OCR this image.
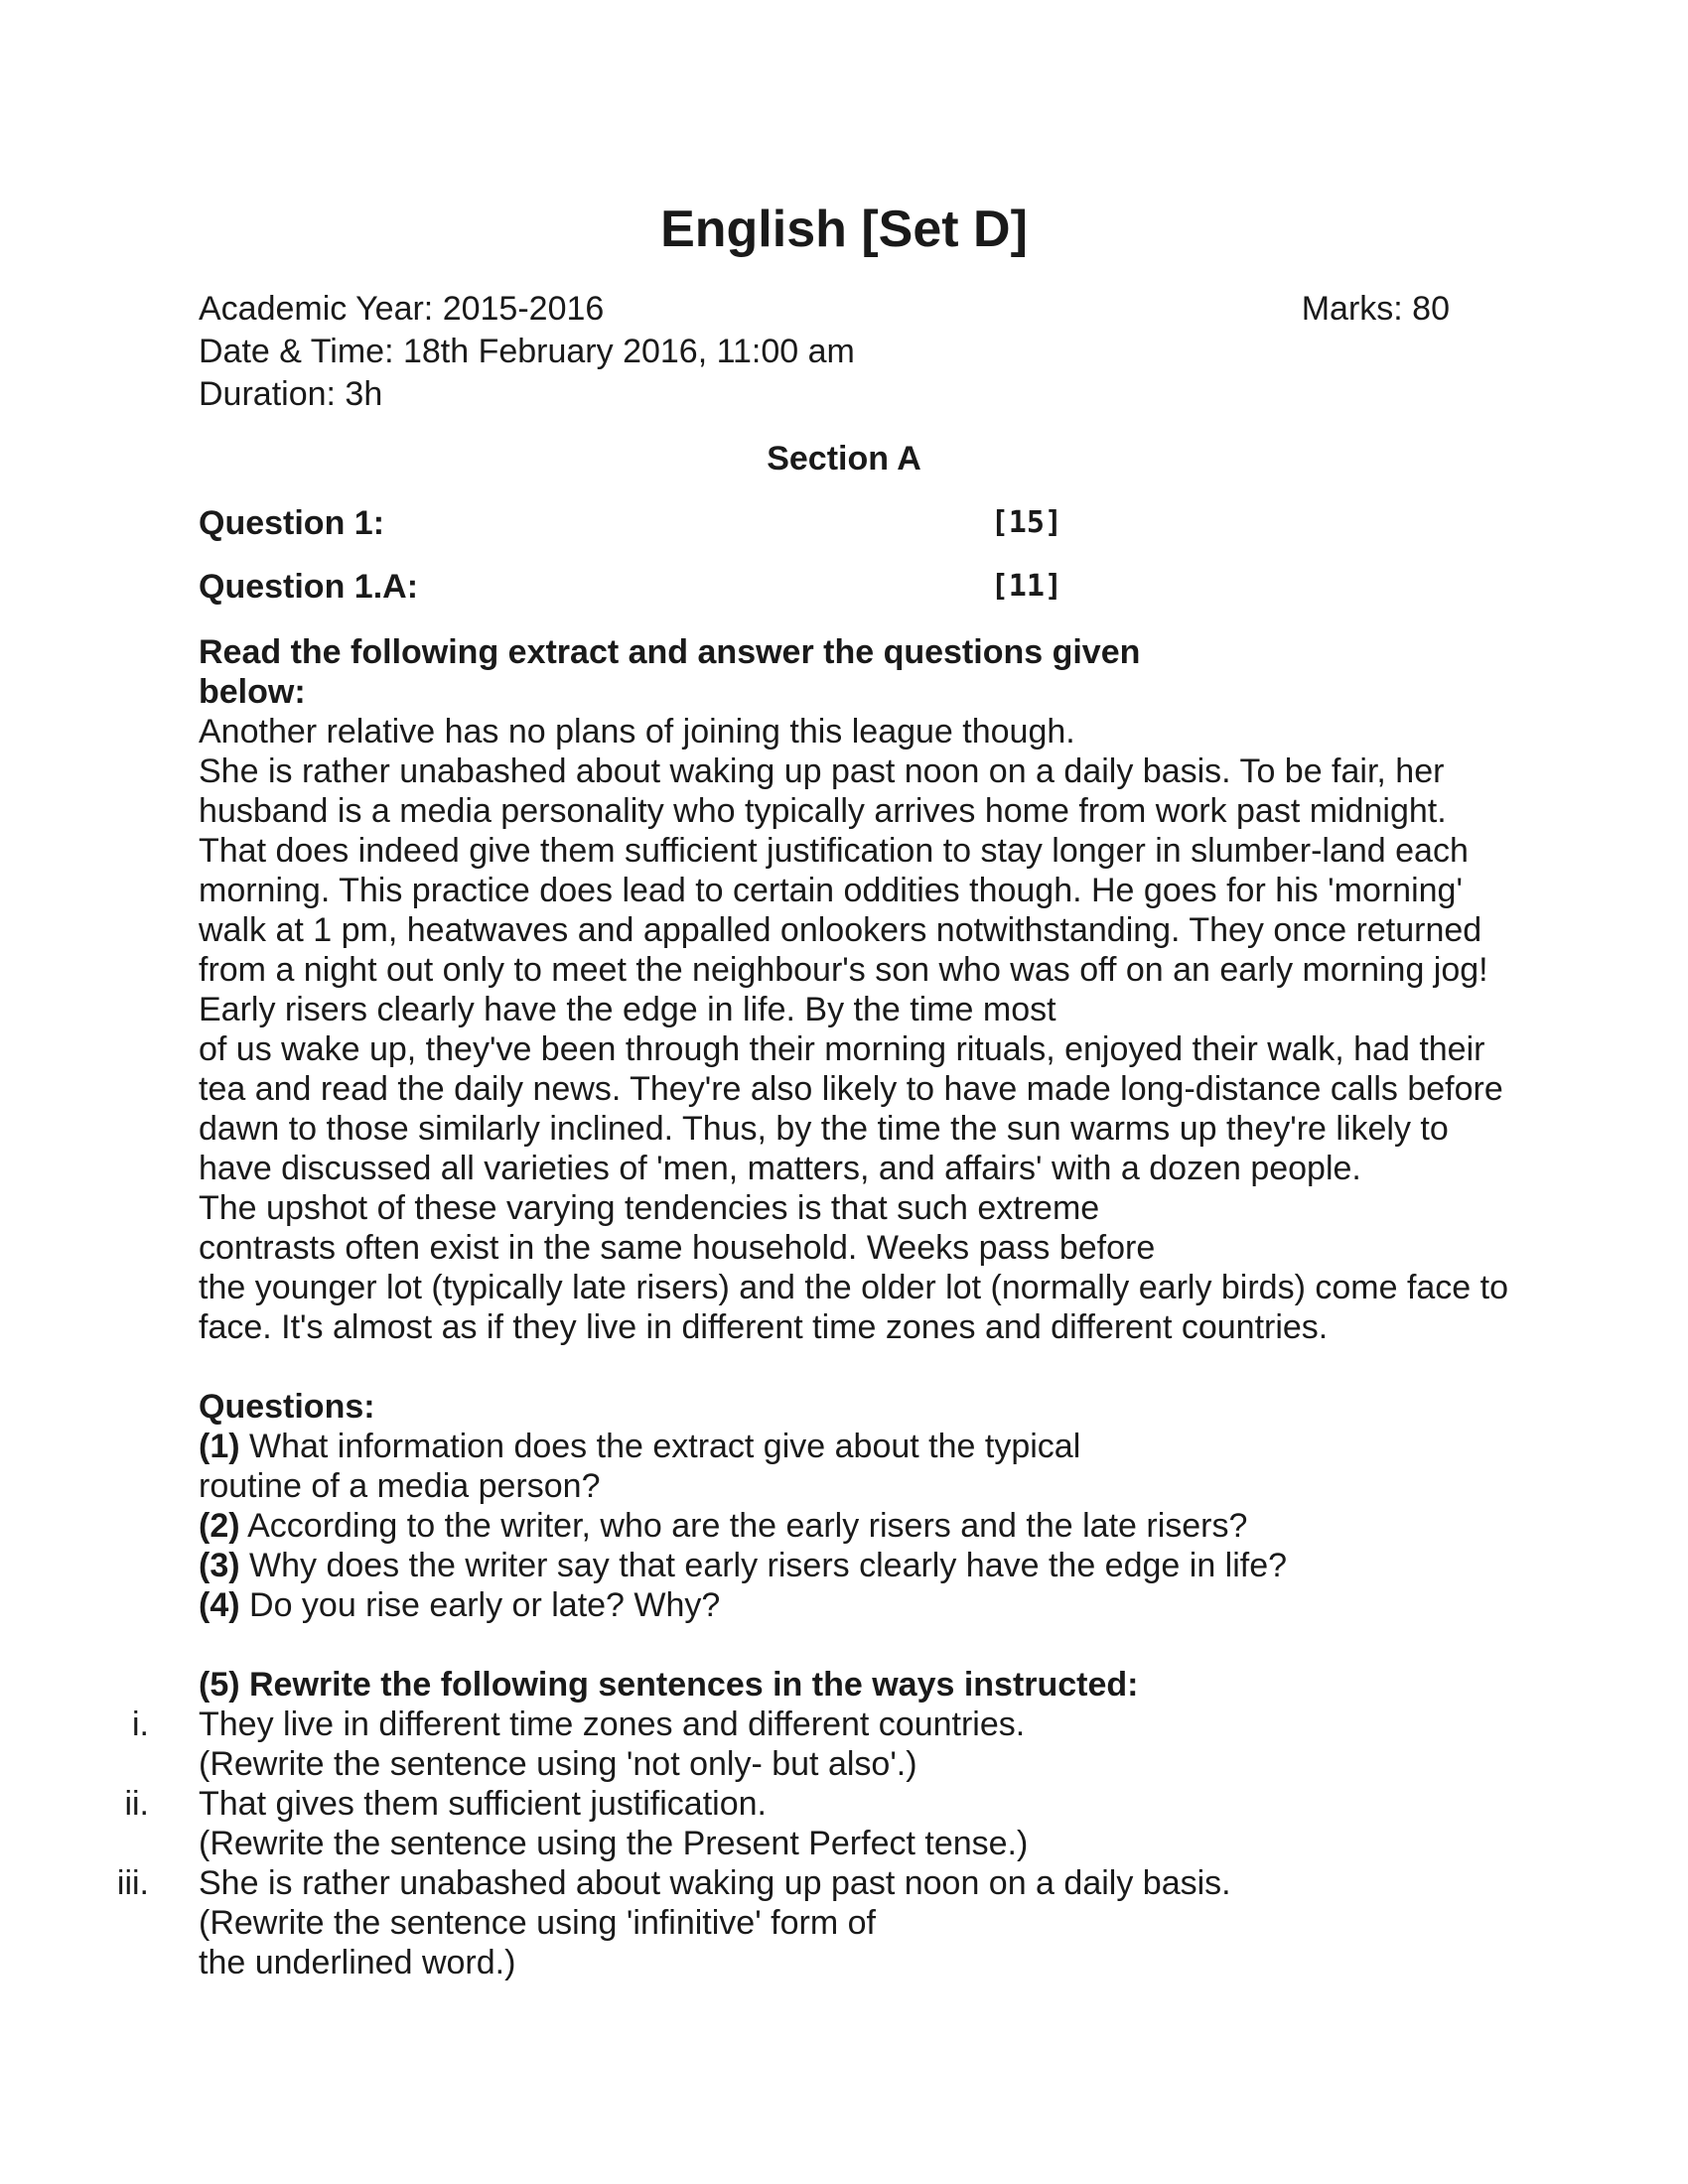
English [Set D]
Academic Year: 2015-2016	Marks: 80
Date & Time: 18th February 2016, 11:00 am
Duration: 3h
Section A
Question 1:	[15]
Question 1.A:	[11]
Read the following extract and answer the questions given
below:
Another relative has no plans of joining this league though.
She is rather unabashed about waking up past noon on a daily basis. To be fair, her
husband is a media personality who typically arrives home from work past midnight.
That does indeed give them sufficient justification to stay longer in slumber-land each
morning. This practice does lead to certain oddities though. He goes for his 'morning'
walk at 1 pm, heatwaves and appalled onlookers notwithstanding. They once returned
from a night out only to meet the neighbour's son who was off on an early morning jog!
Early risers clearly have the edge in life. By the time most
of us wake up, they've been through their morning rituals, enjoyed their walk, had their
tea and read the daily news. They're also likely to have made long-distance calls before
dawn to those similarly inclined. Thus, by the time the sun warms up they're likely to
have discussed all varieties of 'men, matters, and affairs' with a dozen people.
The upshot of these varying tendencies is that such extreme
contrasts often exist in the same household. Weeks pass before
the younger lot (typically late risers) and the older lot (normally early birds) come face to
face. It's almost as if they live in different time zones and different countries.
Questions:
(1) What information does the extract give about the typical
routine of a media person?
(2) According to the writer, who are the early risers and the late risers?
(3) Why does the writer say that early risers clearly have the edge in life?
(4) Do you rise early or late? Why?
(5) Rewrite the following sentences in the ways instructed:
i. They live in different time zones and different countries.
(Rewrite the sentence using 'not only- but also'.)
ii. That gives them sufficient justification.
(Rewrite the sentence using the Present Perfect tense.)
iii. She is rather unabashed about waking up past noon on a daily basis.
(Rewrite the sentence using 'infinitive' form of
the underlined word.)
